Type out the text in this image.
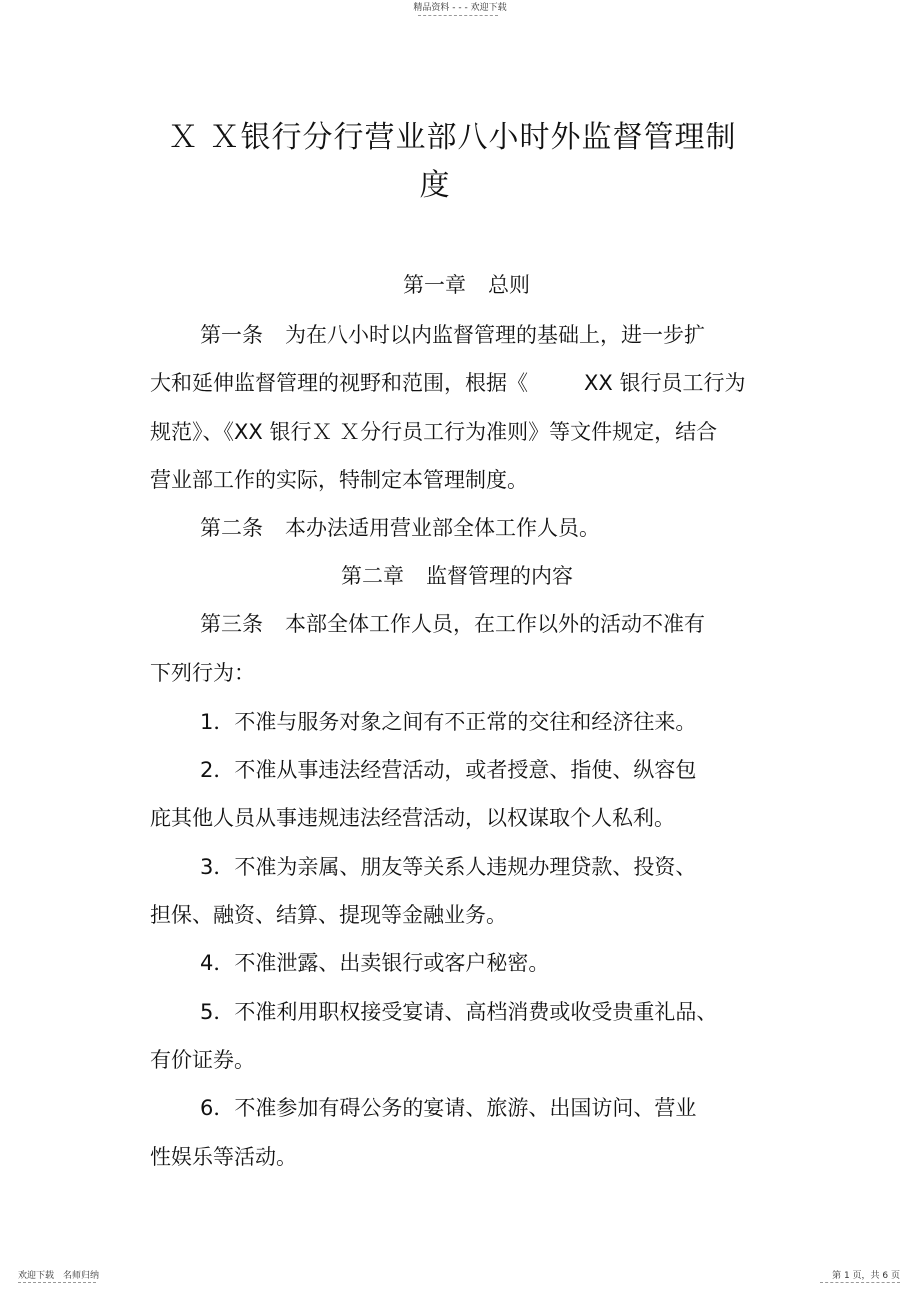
精品资料 - - - 欢迎下载
Ｘ Ｘ银行分行营业部八小时外监督管理制
度
第一章 总则
第一条 为在八小时以内监督管理的基础上，进一步扩
大和延伸监督管理的视野和范围，根据《	XX 银行员工行为
规范》、《XX 银行Ｘ Ｘ分行员工行为准则》等文件规定，结合
营业部工作的实际，特制定本管理制度。
第二条 本办法适用营业部全体工作人员。
第二章 监督管理的内容
第三条 本部全体工作人员，在工作以外的活动不准有
下列行为：
1．不准与服务对象之间有不正常的交往和经济往来。
2．不准从事违法经营活动，或者授意、指使、纵容包
庇其他人员从事违规违法经营活动，以权谋取个人私利。
3．不准为亲属、朋友等关系人违规办理贷款、投资、
担保、融资、结算、提现等金融业务。
4．不准泄露、出卖银行或客户秘密。
5．不准利用职权接受宴请、高档消费或收受贵重礼品、
有价证券。
6．不准参加有碍公务的宴请、旅游、出国访问、营业
性娱乐等活动。
欢迎下载　名师归纳	第 1 页，共 6 页
